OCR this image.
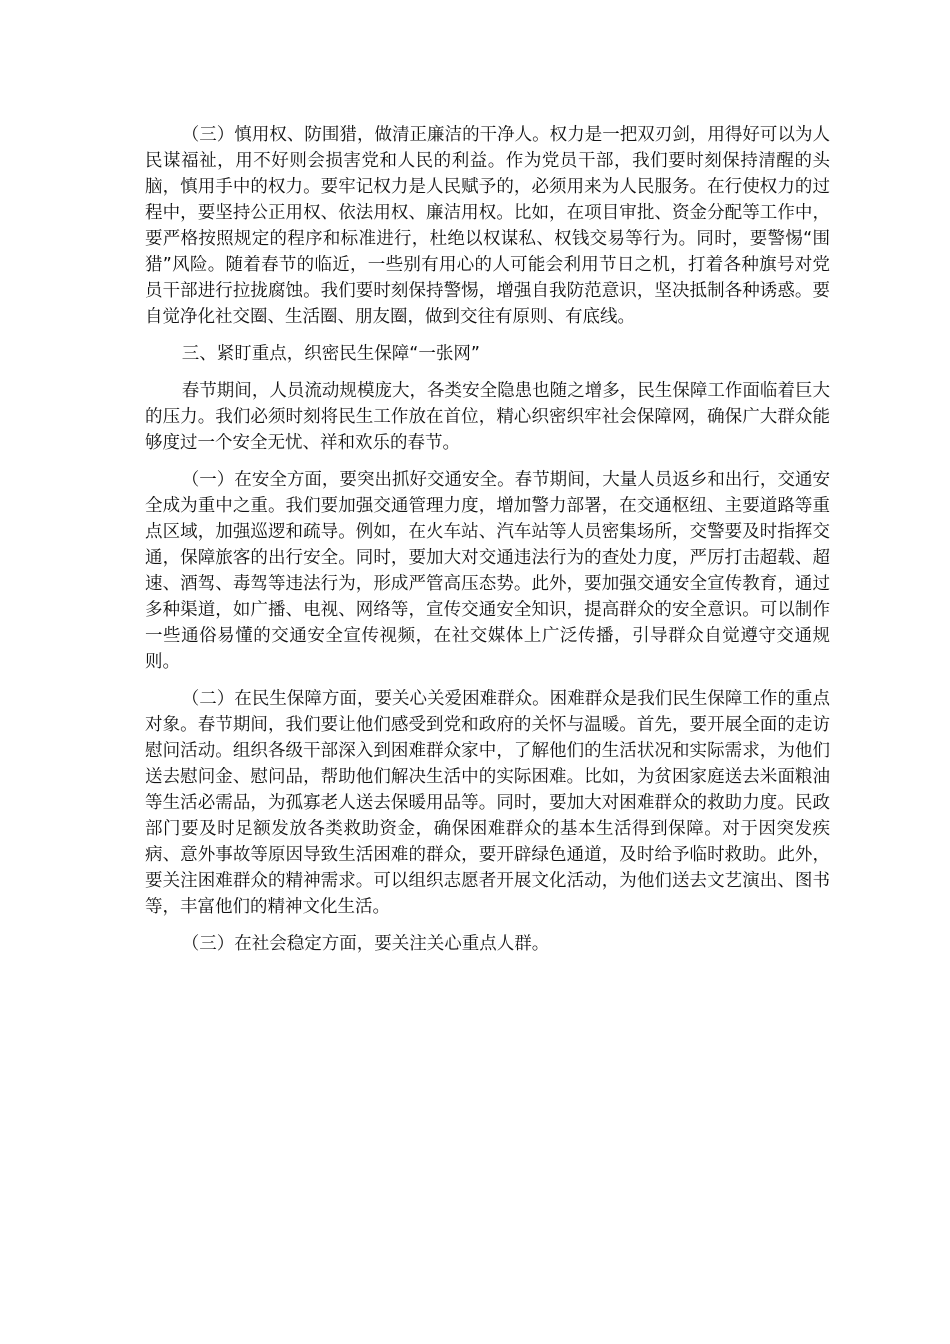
（三）慎用权、防围猎，做清正廉洁的干净人。权力是一把双刃剑，用得好可以为人民谋福祉，用不好则会损害党和人民的利益。作为党员干部，我们要时刻保持清醒的头脑，慎用手中的权力。要牢记权力是人民赋予的，必须用来为人民服务。在行使权力的过程中，要坚持公正用权、依法用权、廉洁用权。比如，在项目审批、资金分配等工作中，要严格按照规定的程序和标准进行，杜绝以权谋私、权钱交易等行为。同时，要警惕“围猎”风险。随着春节的临近，一些别有用心的人可能会利用节日之机，打着各种旗号对党员干部进行拉拢腐蚀。我们要时刻保持警惕，增强自我防范意识，坚决抵制各种诱惑。要自觉净化社交圈、生活圈、朋友圈，做到交往有原则、有底线。

三、紧盯重点，织密民生保障“一张网”

春节期间，人员流动规模庞大，各类安全隐患也随之增多，民生保障工作面临着巨大的压力。我们必须时刻将民生工作放在首位，精心织密织牢社会保障网，确保广大群众能够度过一个安全无忧、祥和欢乐的春节。

（一）在安全方面，要突出抓好交通安全。春节期间，大量人员返乡和出行，交通安全成为重中之重。我们要加强交通管理力度，增加警力部署，在交通枢纽、主要道路等重点区域，加强巡逻和疏导。例如，在火车站、汽车站等人员密集场所，交警要及时指挥交通，保障旅客的出行安全。同时，要加大对交通违法行为的查处力度，严厉打击超载、超速、酒驾、毒驾等违法行为，形成严管高压态势。此外，要加强交通安全宣传教育，通过多种渠道，如广播、电视、网络等，宣传交通安全知识，提高群众的安全意识。可以制作一些通俗易懂的交通安全宣传视频，在社交媒体上广泛传播，引导群众自觉遵守交通规则。

（二）在民生保障方面，要关心关爱困难群众。困难群众是我们民生保障工作的重点对象。春节期间，我们要让他们感受到党和政府的关怀与温暖。首先，要开展全面的走访慰问活动。组织各级干部深入到困难群众家中，了解他们的生活状况和实际需求，为他们送去慰问金、慰问品，帮助他们解决生活中的实际困难。比如，为贫困家庭送去米面粮油等生活必需品，为孤寡老人送去保暖用品等。同时，要加大对困难群众的救助力度。民政部门要及时足额发放各类救助资金，确保困难群众的基本生活得到保障。对于因突发疾病、意外事故等原因导致生活困难的群众，要开辟绿色通道，及时给予临时救助。此外，要关注困难群众的精神需求。可以组织志愿者开展文化活动，为他们送去文艺演出、图书等，丰富他们的精神文化生活。

（三）在社会稳定方面，要关注关心重点人群。
